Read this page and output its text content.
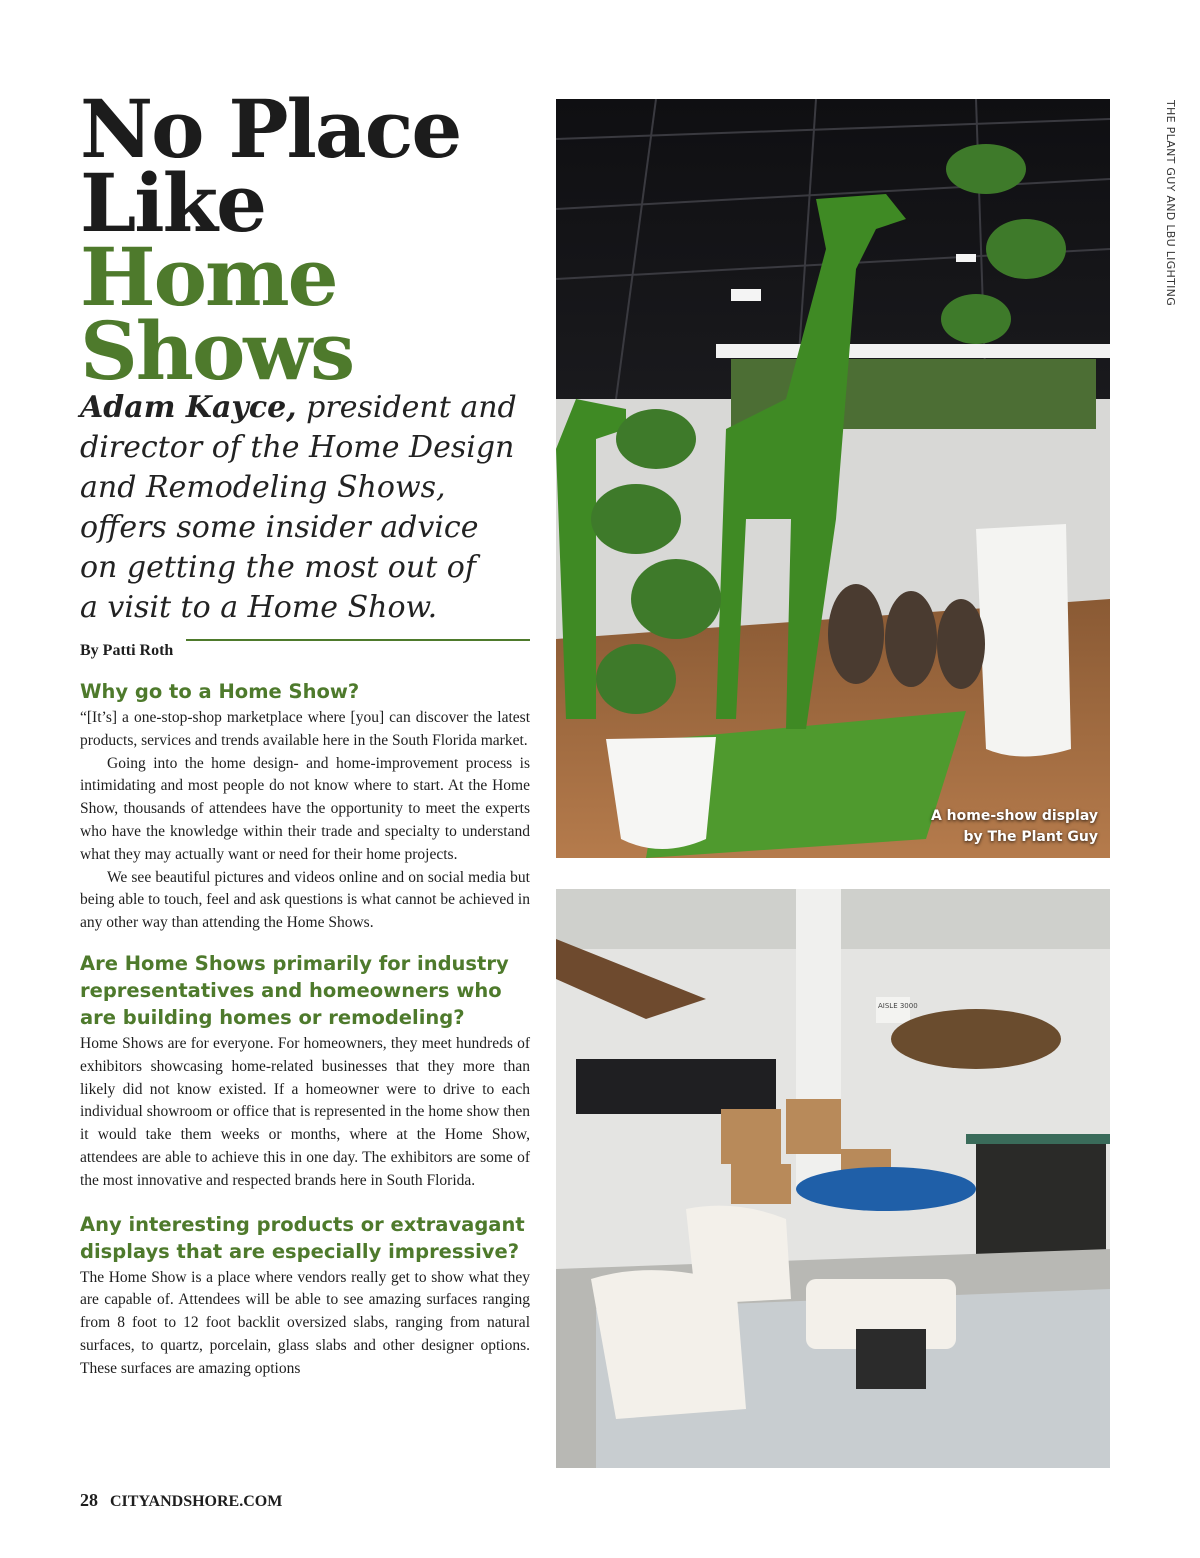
No Place
Like
Home
Shows

Adam Kayce, president and
director of the Home Design
and Remodeling Shows,
offers some insider advice
on getting the most out of
a visit to a Home Show.

By Patti Roth
Why go to a Home Show?

“[It’s] a one-stop-shop marketplace where [you] can discover the latest products, services and trends available here in the South Florida market.

Going into the home design- and home-improvement process is intimidating and most people do not know where to start. At the Home Show, thousands of attendees have the opportunity to meet the experts who have the knowledge within their trade and specialty to understand what they may actually want or need for their home projects.

We see beautiful pictures and videos online and on social media but being able to touch, feel and ask questions is what cannot be achieved in any other way than attending the Home Shows.

Are Home Shows primarily for industry representatives and homeowners who are building homes or remodeling?

Home Shows are for everyone. For homeowners, they meet hundreds of exhibitors showcasing home-related businesses that they more than likely did not know existed. If a homeowner were to drive to each individual showroom or office that is represented in the home show then it would take them weeks or months, where at the Home Show, attendees are able to achieve this in one day. The exhibitors are some of the most innovative and respected brands here in South Florida.

Any interesting products or extravagant displays that are especially impressive?

The Home Show is a place where vendors really get to show what they are capable of. Attendees will be able to see amazing surfaces ranging from 8 foot to 12 foot backlit oversized slabs, ranging from natural surfaces, to quartz, porcelain, glass slabs and other designer options. These surfaces are amazing options

THE PLANT GUY AND LBU LIGHTING
A home-show display
by The Plant Guy
AISLE 3000
28 CITYANDSHORE.COM
